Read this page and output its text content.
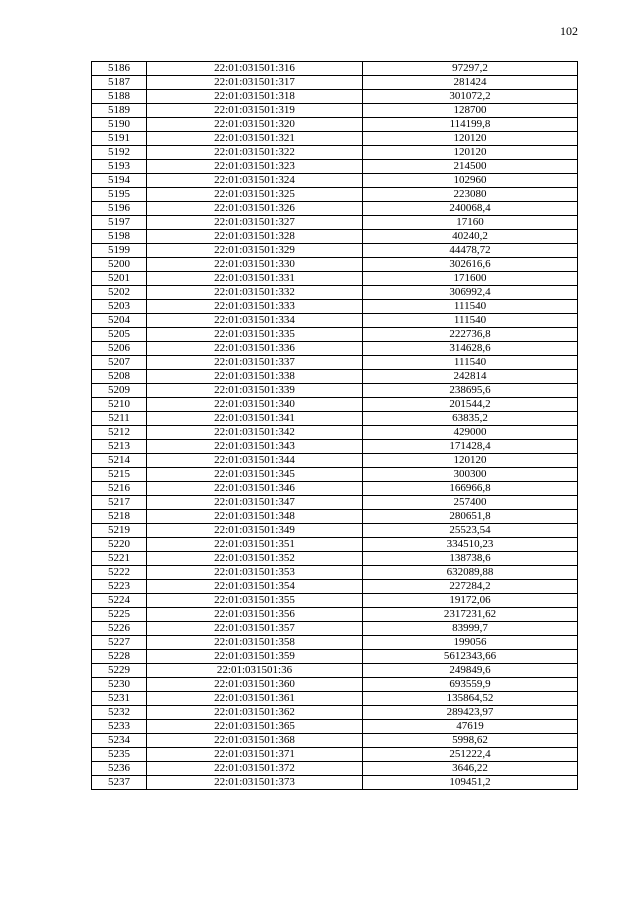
102
5186	22:01:031501:316	97297,2
5187	22:01:031501:317	281424
5188	22:01:031501:318	301072,2
5189	22:01:031501:319	128700
5190	22:01:031501:320	114199,8
5191	22:01:031501:321	120120
5192	22:01:031501:322	120120
5193	22:01:031501:323	214500
5194	22:01:031501:324	102960
5195	22:01:031501:325	223080
5196	22:01:031501:326	240068,4
5197	22:01:031501:327	17160
5198	22:01:031501:328	40240,2
5199	22:01:031501:329	44478,72
5200	22:01:031501:330	302616,6
5201	22:01:031501:331	171600
5202	22:01:031501:332	306992,4
5203	22:01:031501:333	111540
5204	22:01:031501:334	111540
5205	22:01:031501:335	222736,8
5206	22:01:031501:336	314628,6
5207	22:01:031501:337	111540
5208	22:01:031501:338	242814
5209	22:01:031501:339	238695,6
5210	22:01:031501:340	201544,2
5211	22:01:031501:341	63835,2
5212	22:01:031501:342	429000
5213	22:01:031501:343	171428,4
5214	22:01:031501:344	120120
5215	22:01:031501:345	300300
5216	22:01:031501:346	166966,8
5217	22:01:031501:347	257400
5218	22:01:031501:348	280651,8
5219	22:01:031501:349	25523,54
5220	22:01:031501:351	334510,23
5221	22:01:031501:352	138738,6
5222	22:01:031501:353	632089,88
5223	22:01:031501:354	227284,2
5224	22:01:031501:355	19172,06
5225	22:01:031501:356	2317231,62
5226	22:01:031501:357	83999,7
5227	22:01:031501:358	199056
5228	22:01:031501:359	5612343,66
5229	22:01:031501:36	249849,6
5230	22:01:031501:360	693559,9
5231	22:01:031501:361	135864,52
5232	22:01:031501:362	289423,97
5233	22:01:031501:365	47619
5234	22:01:031501:368	5998,62
5235	22:01:031501:371	251222,4
5236	22:01:031501:372	3646,22
5237	22:01:031501:373	109451,2
